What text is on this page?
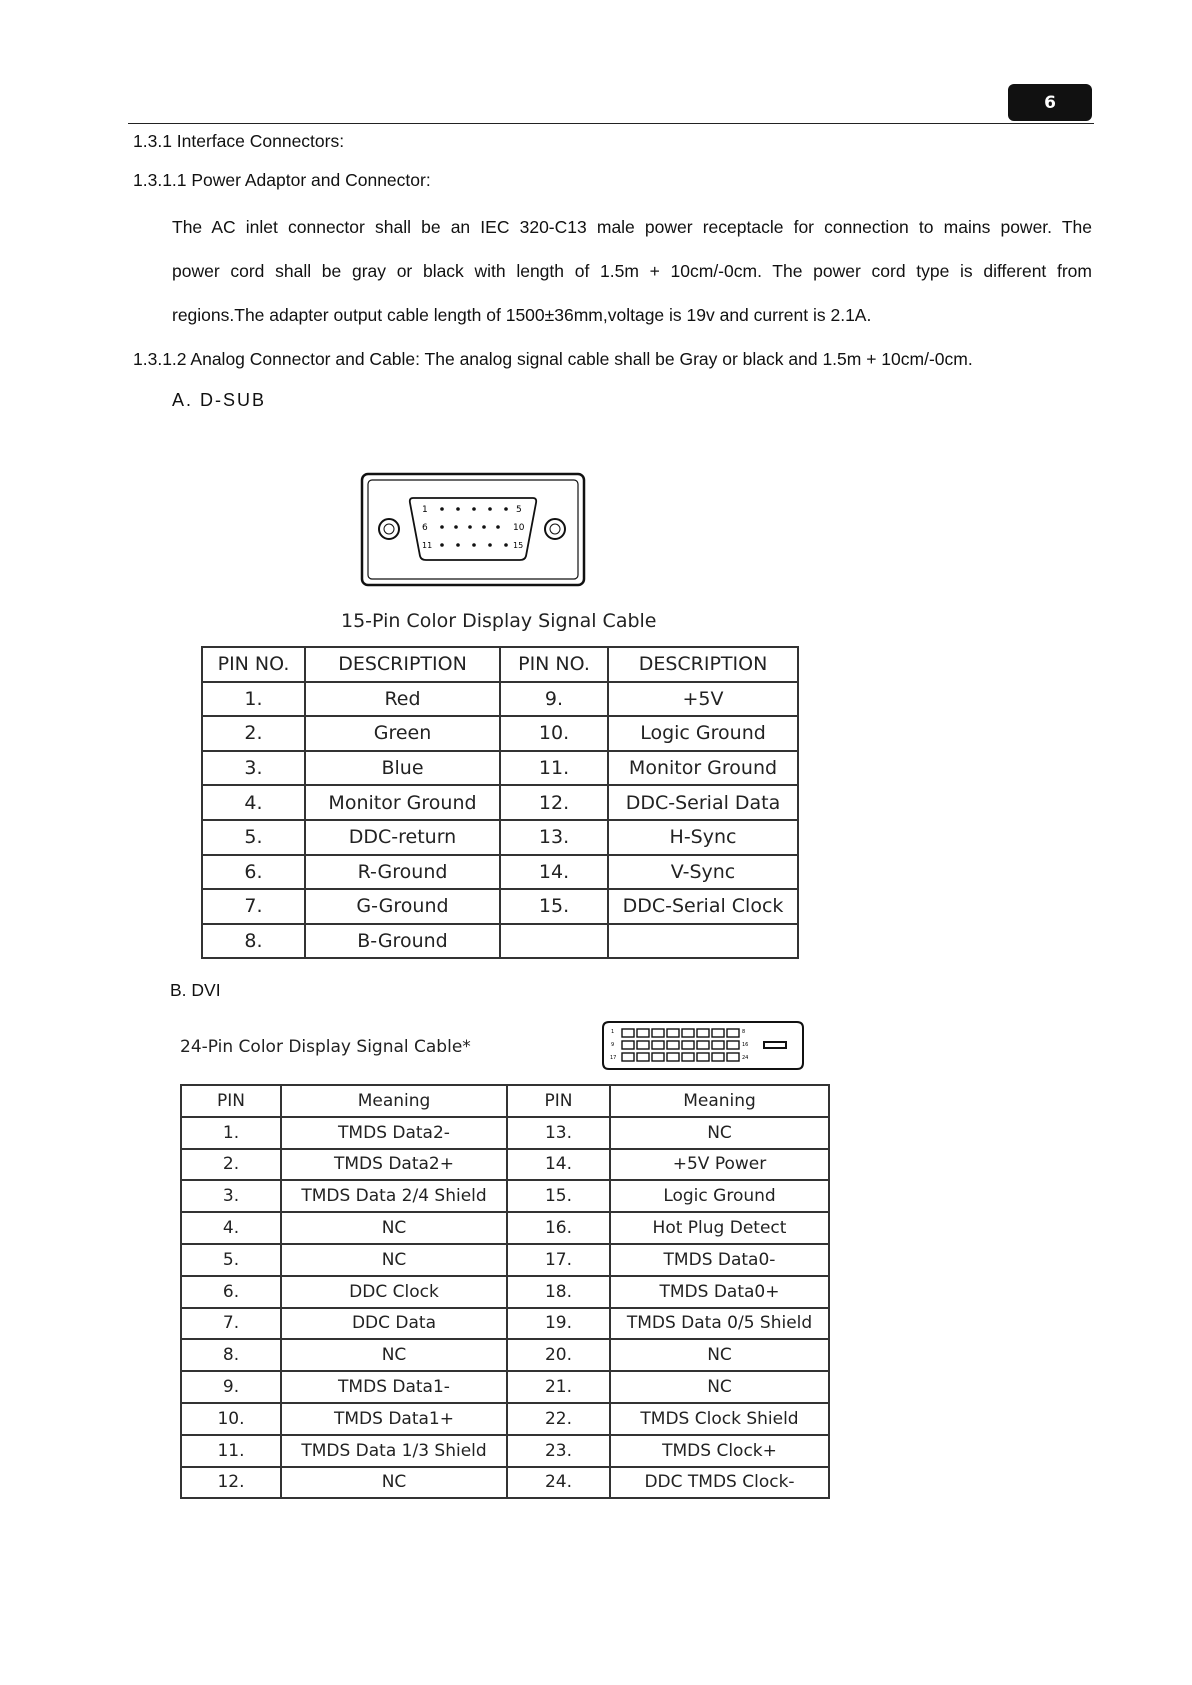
6
1.3.1 Interface Connectors:
1.3.1.1 Power Adaptor and Connector:
The AC inlet connector shall be an IEC 320-C13 male power receptacle for connection to mains power. The
power cord shall be gray or black with length of 1.5m + 10cm/-0cm. The power cord type is different from
regions.The adapter output cable length of 1500±36mm,voltage is 19v and current is 2.1A.
1.3.1.2 Analog Connector and Cable: The analog signal cable shall be Gray or black and 1.5m + 10cm/-0cm.
A. D-SUB
1	5
6	10
11	15
15-Pin Color Display Signal Cable
PIN NO.	DESCRIPTION	PIN NO.	DESCRIPTION
1.	Red	9.	+5V
2.	Green	10.	Logic Ground
3.	Blue	11.	Monitor Ground
4.	Monitor Ground	12.	DDC-Serial Data
5.	DDC-return	13.	H-Sync
6.	R-Ground	14.	V-Sync
7.	G-Ground	15.	DDC-Serial Clock
8.	B-Ground		
B. DVI
24-Pin Color Display Signal Cable*
1
9
17
8
16
24
PIN	Meaning	PIN	Meaning
1.	TMDS Data2-	13.	NC
2.	TMDS Data2+	14.	+5V Power
3.	TMDS Data 2/4 Shield	15.	Logic Ground
4.	NC	16.	Hot Plug Detect
5.	NC	17.	TMDS Data0-
6.	DDC Clock	18.	TMDS Data0+
7.	DDC Data	19.	TMDS Data 0/5 Shield
8.	NC	20.	NC
9.	TMDS Data1-	21.	NC
10.	TMDS Data1+	22.	TMDS Clock Shield
11.	TMDS Data 1/3 Shield	23.	TMDS Clock+
12.	NC	24.	DDC TMDS Clock-
